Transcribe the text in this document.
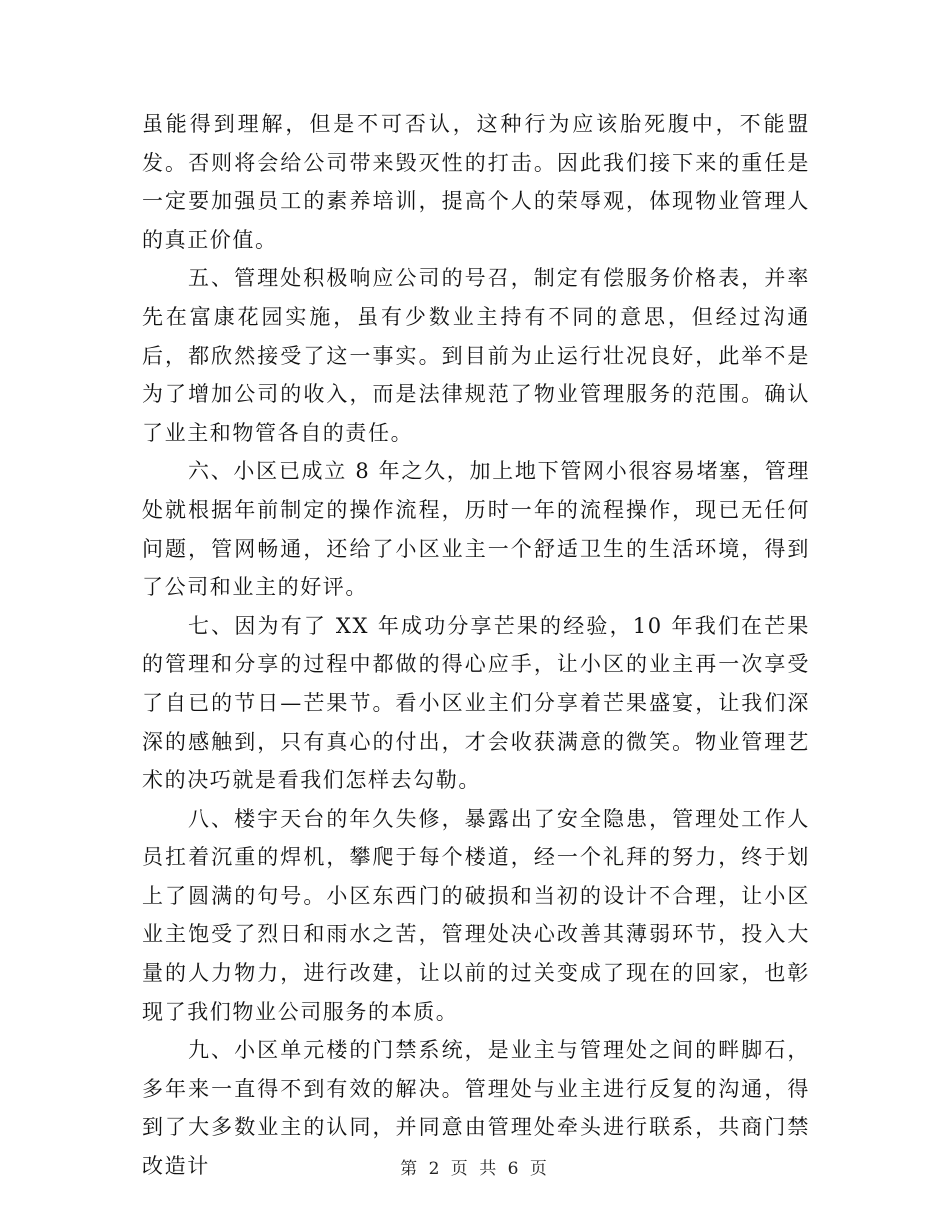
虽能得到理解，但是不可否认，这种行为应该胎死腹中，不能盟发。否则将会给公司带来毁灭性的打击。因此我们接下来的重任是一定要加强员工的素养培训，提高个人的荣辱观，体现物业管理人的真正价值。

五、管理处积极响应公司的号召，制定有偿服务价格表，并率先在富康花园实施，虽有少数业主持有不同的意思，但经过沟通后，都欣然接受了这一事实。到目前为止运行壮况良好，此举不是为了增加公司的收入，而是法律规范了物业管理服务的范围。确认了业主和物管各自的责任。

六、小区已成立 8 年之久，加上地下管网小很容易堵塞，管理处就根据年前制定的操作流程，历时一年的流程操作，现已无任何问题，管网畅通，还给了小区业主一个舒适卫生的生活环境，得到了公司和业主的好评。

七、因为有了 XX 年成功分享芒果的经验，10 年我们在芒果的管理和分享的过程中都做的得心应手，让小区的业主再一次享受了自已的节日—芒果节。看小区业主们分享着芒果盛宴，让我们深深的感触到，只有真心的付出，才会收获满意的微笑。物业管理艺术的决巧就是看我们怎样去勾勒。

八、楼宇天台的年久失修，暴露出了安全隐患，管理处工作人员扛着沉重的焊机，攀爬于每个楼道，经一个礼拜的努力，终于划上了圆满的句号。小区东西门的破损和当初的设计不合理，让小区业主饱受了烈日和雨水之苦，管理处决心改善其薄弱环节，投入大量的人力物力，进行改建，让以前的过关变成了现在的回家，也彰现了我们物业公司服务的本质。

九、小区单元楼的门禁系统，是业主与管理处之间的畔脚石，多年来一直得不到有效的解决。管理处与业主进行反复的沟通，得到了大多数业主的认同，并同意由管理处牵头进行联系，共商门禁改造计	第 2 页 共 6 页
